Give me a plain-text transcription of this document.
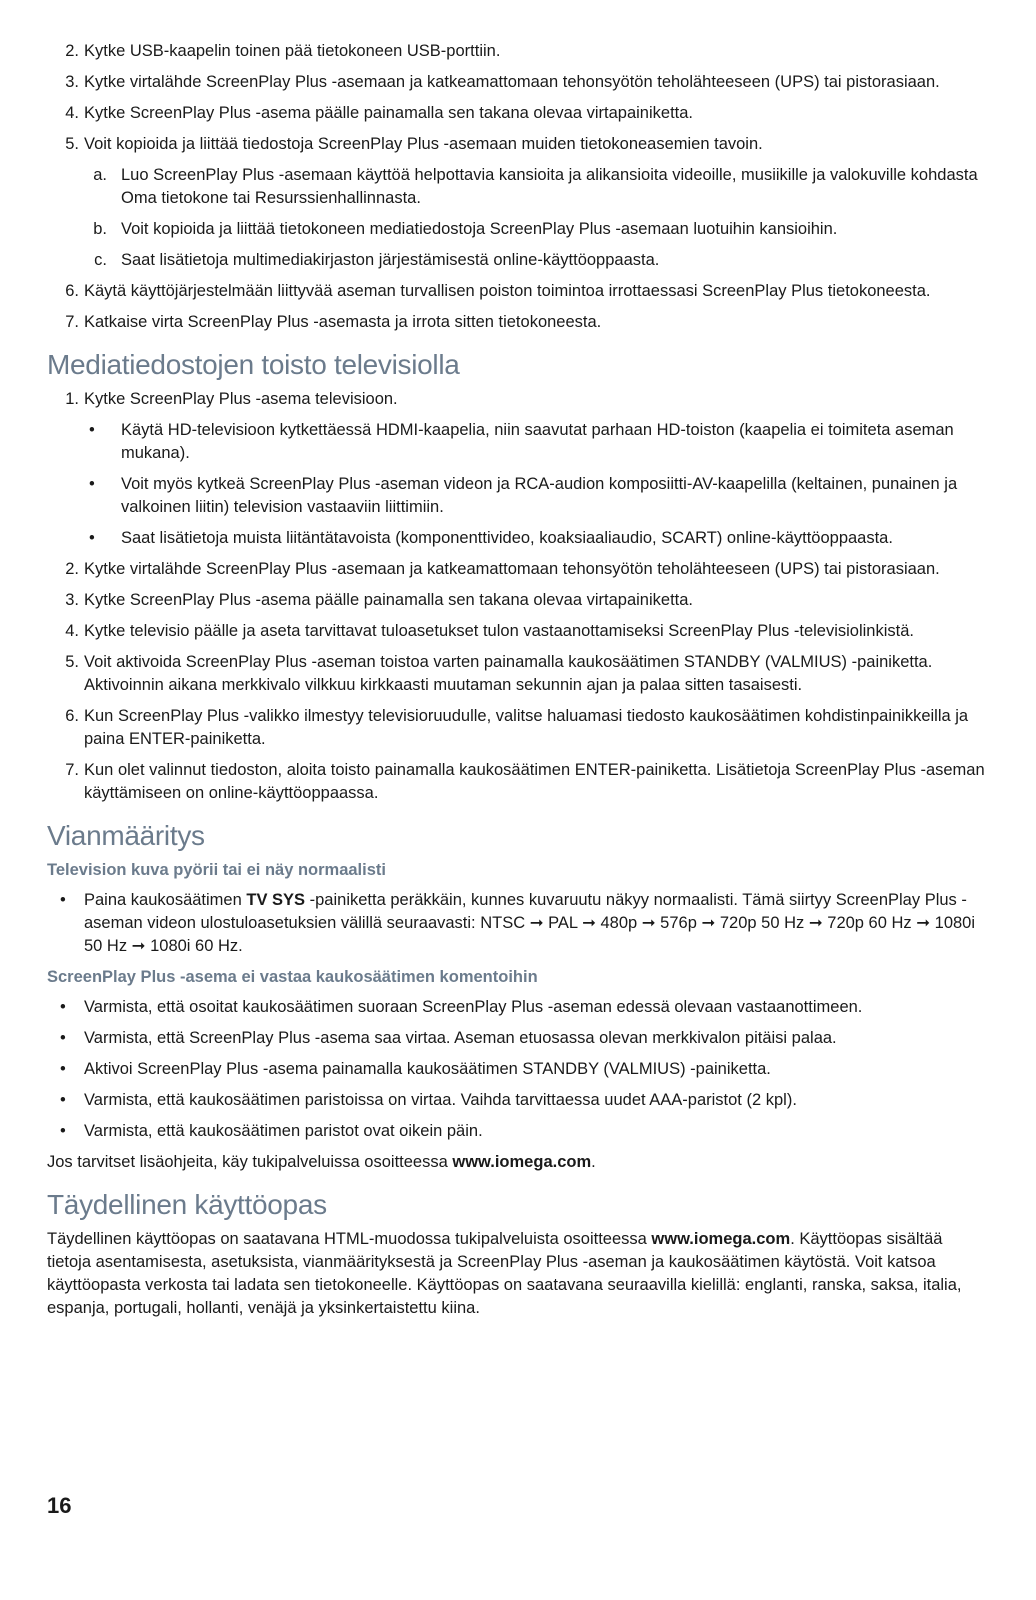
2. Kytke USB-kaapelin toinen pää tietokoneen USB-porttiin.
3. Kytke virtalähde ScreenPlay Plus -asemaan ja katkeamattomaan tehonsyötön teholähteeseen (UPS) tai pistorasiaan.
4. Kytke ScreenPlay Plus -asema päälle painamalla sen takana olevaa virtapainiketta.
5. Voit kopioida ja liittää tiedostoja ScreenPlay Plus -asemaan muiden tietokoneasemien tavoin.
a. Luo ScreenPlay Plus -asemaan käyttöä helpottavia kansioita ja alikansioita videoille, musiikille ja valokuville kohdasta Oma tietokone tai Resurssienhallinnasta.
b. Voit kopioida ja liittää tietokoneen mediatiedostoja ScreenPlay Plus -asemaan luotuihin kansioihin.
c. Saat lisätietoja multimediakirjaston järjestämisestä online-käyttöoppaasta.
6. Käytä käyttöjärjestelmään liittyvää aseman turvallisen poiston toimintoa irrottaessasi ScreenPlay Plus tietokoneesta.
7. Katkaise virta ScreenPlay Plus -asemasta ja irrota sitten tietokoneesta.
Mediatiedostojen toisto televisiolla
1. Kytke ScreenPlay Plus -asema televisioon.
• Käytä HD-televisioon kytkettäessä HDMI-kaapelia, niin saavutat parhaan HD-toiston (kaapelia ei toimiteta aseman mukana).
• Voit myös kytkeä ScreenPlay Plus -aseman videon ja RCA-audion komposiitti-AV-kaapelilla (keltainen, punainen ja valkoinen liitin) television vastaaviin liittimiin.
• Saat lisätietoja muista liitäntätavoista (komponenttivideo, koaksiaaliaudio, SCART) online-käyttöoppaasta.
2. Kytke virtalähde ScreenPlay Plus -asemaan ja katkeamattomaan tehonsyötön teholähteeseen (UPS) tai pistorasiaan.
3. Kytke ScreenPlay Plus -asema päälle painamalla sen takana olevaa virtapainiketta.
4. Kytke televisio päälle ja aseta tarvittavat tuloasetukset tulon vastaanottamiseksi ScreenPlay Plus -televisiolinkistä.
5. Voit aktivoida ScreenPlay Plus -aseman toistoa varten painamalla kaukosäätimen STANDBY (VALMIUS) -painiketta. Aktivoinnin aikana merkkivalo vilkkuu kirkkaasti muutaman sekunnin ajan ja palaa sitten tasaisesti.
6. Kun ScreenPlay Plus -valikko ilmestyy televisioruudulle, valitse haluamasi tiedosto kaukosäätimen kohdistinpainikkeilla ja paina ENTER-painiketta.
7. Kun olet valinnut tiedoston, aloita toisto painamalla kaukosäätimen ENTER-painiketta. Lisätietoja ScreenPlay Plus -aseman käyttämiseen on online-käyttöoppaassa.
Vianmääritys
Television kuva pyörii tai ei näy normaalisti
• Paina kaukosäätimen TV SYS -painiketta peräkkäin, kunnes kuvaruutu näkyy normaalisti. Tämä siirtyy ScreenPlay Plus -aseman videon ulostuloasetuksien välillä seuraavasti: NTSC ➞ PAL ➞ 480p ➞ 576p ➞ 720p 50 Hz ➞ 720p 60 Hz ➞ 1080i 50 Hz ➞ 1080i 60 Hz.
ScreenPlay Plus -asema ei vastaa kaukosäätimen komentoihin
• Varmista, että osoitat kaukosäätimen suoraan ScreenPlay Plus -aseman edessä olevaan vastaanottimeen.
• Varmista, että ScreenPlay Plus -asema saa virtaa. Aseman etuosassa olevan merkkivalon pitäisi palaa.
• Aktivoi ScreenPlay Plus -asema painamalla kaukosäätimen STANDBY (VALMIUS) -painiketta.
• Varmista, että kaukosäätimen paristoissa on virtaa. Vaihda tarvittaessa uudet AAA-paristot (2 kpl).
• Varmista, että kaukosäätimen paristot ovat oikein päin.

Jos tarvitset lisäohjeita, käy tukipalveluissa osoitteessa www.iomega.com.

Täydellinen käyttöopas

Täydellinen käyttöopas on saatavana HTML-muodossa tukipalveluista osoitteessa www.iomega.com. Käyttöopas sisältää tietoja asentamisesta, asetuksista, vianmäärityksestä ja ScreenPlay Plus -aseman ja kaukosäätimen käytöstä. Voit katsoa käyttöopasta verkosta tai ladata sen tietokoneelle. Käyttöopas on saatavana seuraavilla kielillä: englanti, ranska, saksa, italia, espanja, portugali, hollanti, venäjä ja yksinkertaistettu kiina.

16
